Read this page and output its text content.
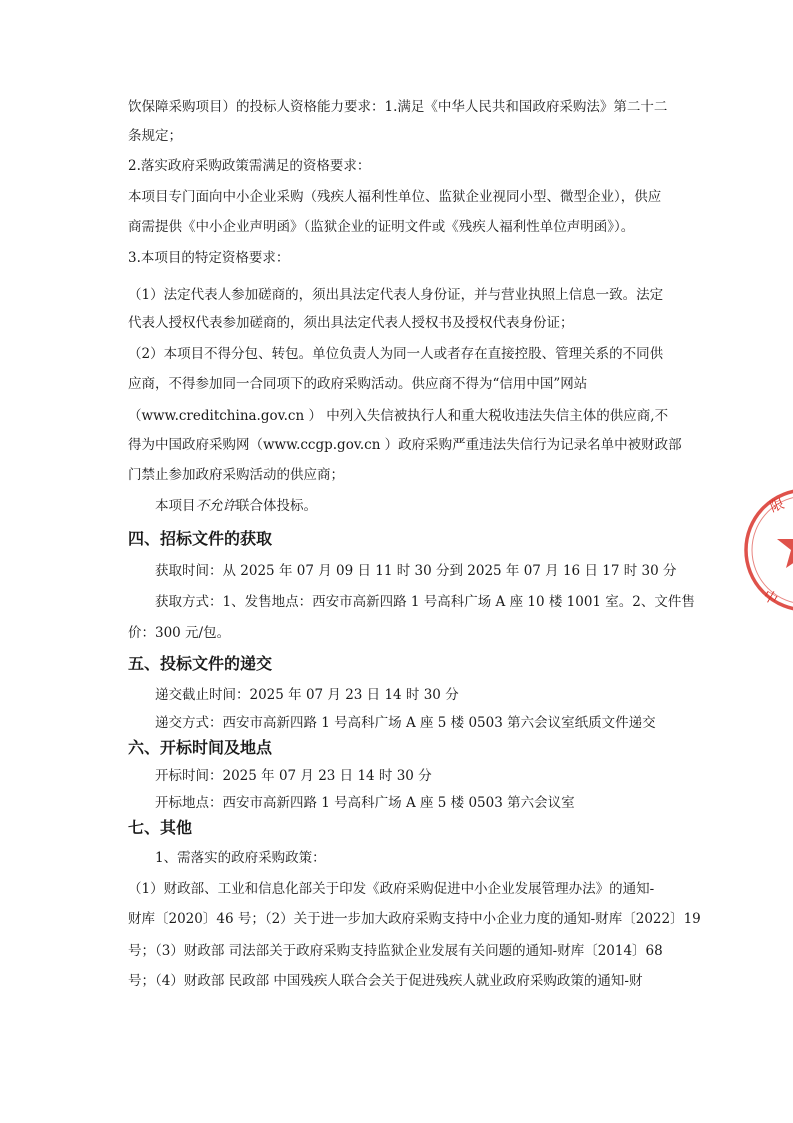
饮保障采购项目）的投标人资格能力要求：1.满足《中华人民共和国政府采购法》第二十二
条规定；
2.落实政府采购政策需满足的资格要求：
本项目专门面向中小企业采购（残疾人福利性单位、监狱企业视同小型、微型企业），供应
商需提供《中小企业声明函》（监狱企业的证明文件或《残疾人福利性单位声明函》）。
3.本项目的特定资格要求：
（1）法定代表人参加磋商的，须出具法定代表人身份证，并与营业执照上信息一致。法定
代表人授权代表参加磋商的，须出具法定代表人授权书及授权代表身份证；
（2）本项目不得分包、转包。单位负责人为同一人或者存在直接控股、管理关系的不同供
应商，不得参加同一合同项下的政府采购活动。供应商不得为“信用中国”网站
（www.creditchina.gov.cn ） 中列入失信被执行人和重大税收违法失信主体的供应商,不
得为中国政府采购网（www.ccgp.gov.cn ）政府采购严重违法失信行为记录名单中被财政部
门禁止参加政府采购活动的供应商；
本项目不允许联合体投标。
四、招标文件的获取
获取时间：从 2025 年 07 月 09 日 11 时 30 分到 2025 年 07 月 16 日 17 时 30 分
获取方式：1、发售地点：西安市高新四路 1 号高科广场 A 座 10 楼 1001 室。2、文件售
价：300 元/包。
五、投标文件的递交
递交截止时间：2025 年 07 月 23 日 14 时 30 分
递交方式：西安市高新四路 1 号高科广场 A 座 5 楼 0503 第六会议室纸质文件递交
六、开标时间及地点
开标时间：2025 年 07 月 23 日 14 时 30 分
开标地点：西安市高新四路 1 号高科广场 A 座 5 楼 0503 第六会议室
七、其他
1、需落实的政府采购政策：
（1）财政部、工业和信息化部关于印发《政府采购促进中小企业发展管理办法》的通知-
财库〔2020〕46 号；（2）关于进一步加大政府采购支持中小企业力度的通知-财库〔2022〕19
号；（3）财政部 司法部关于政府采购支持监狱企业发展有关问题的通知-财库〔2014〕68
号；（4）财政部 民政部 中国残疾人联合会关于促进残疾人就业政府采购政策的通知-财
限
中
